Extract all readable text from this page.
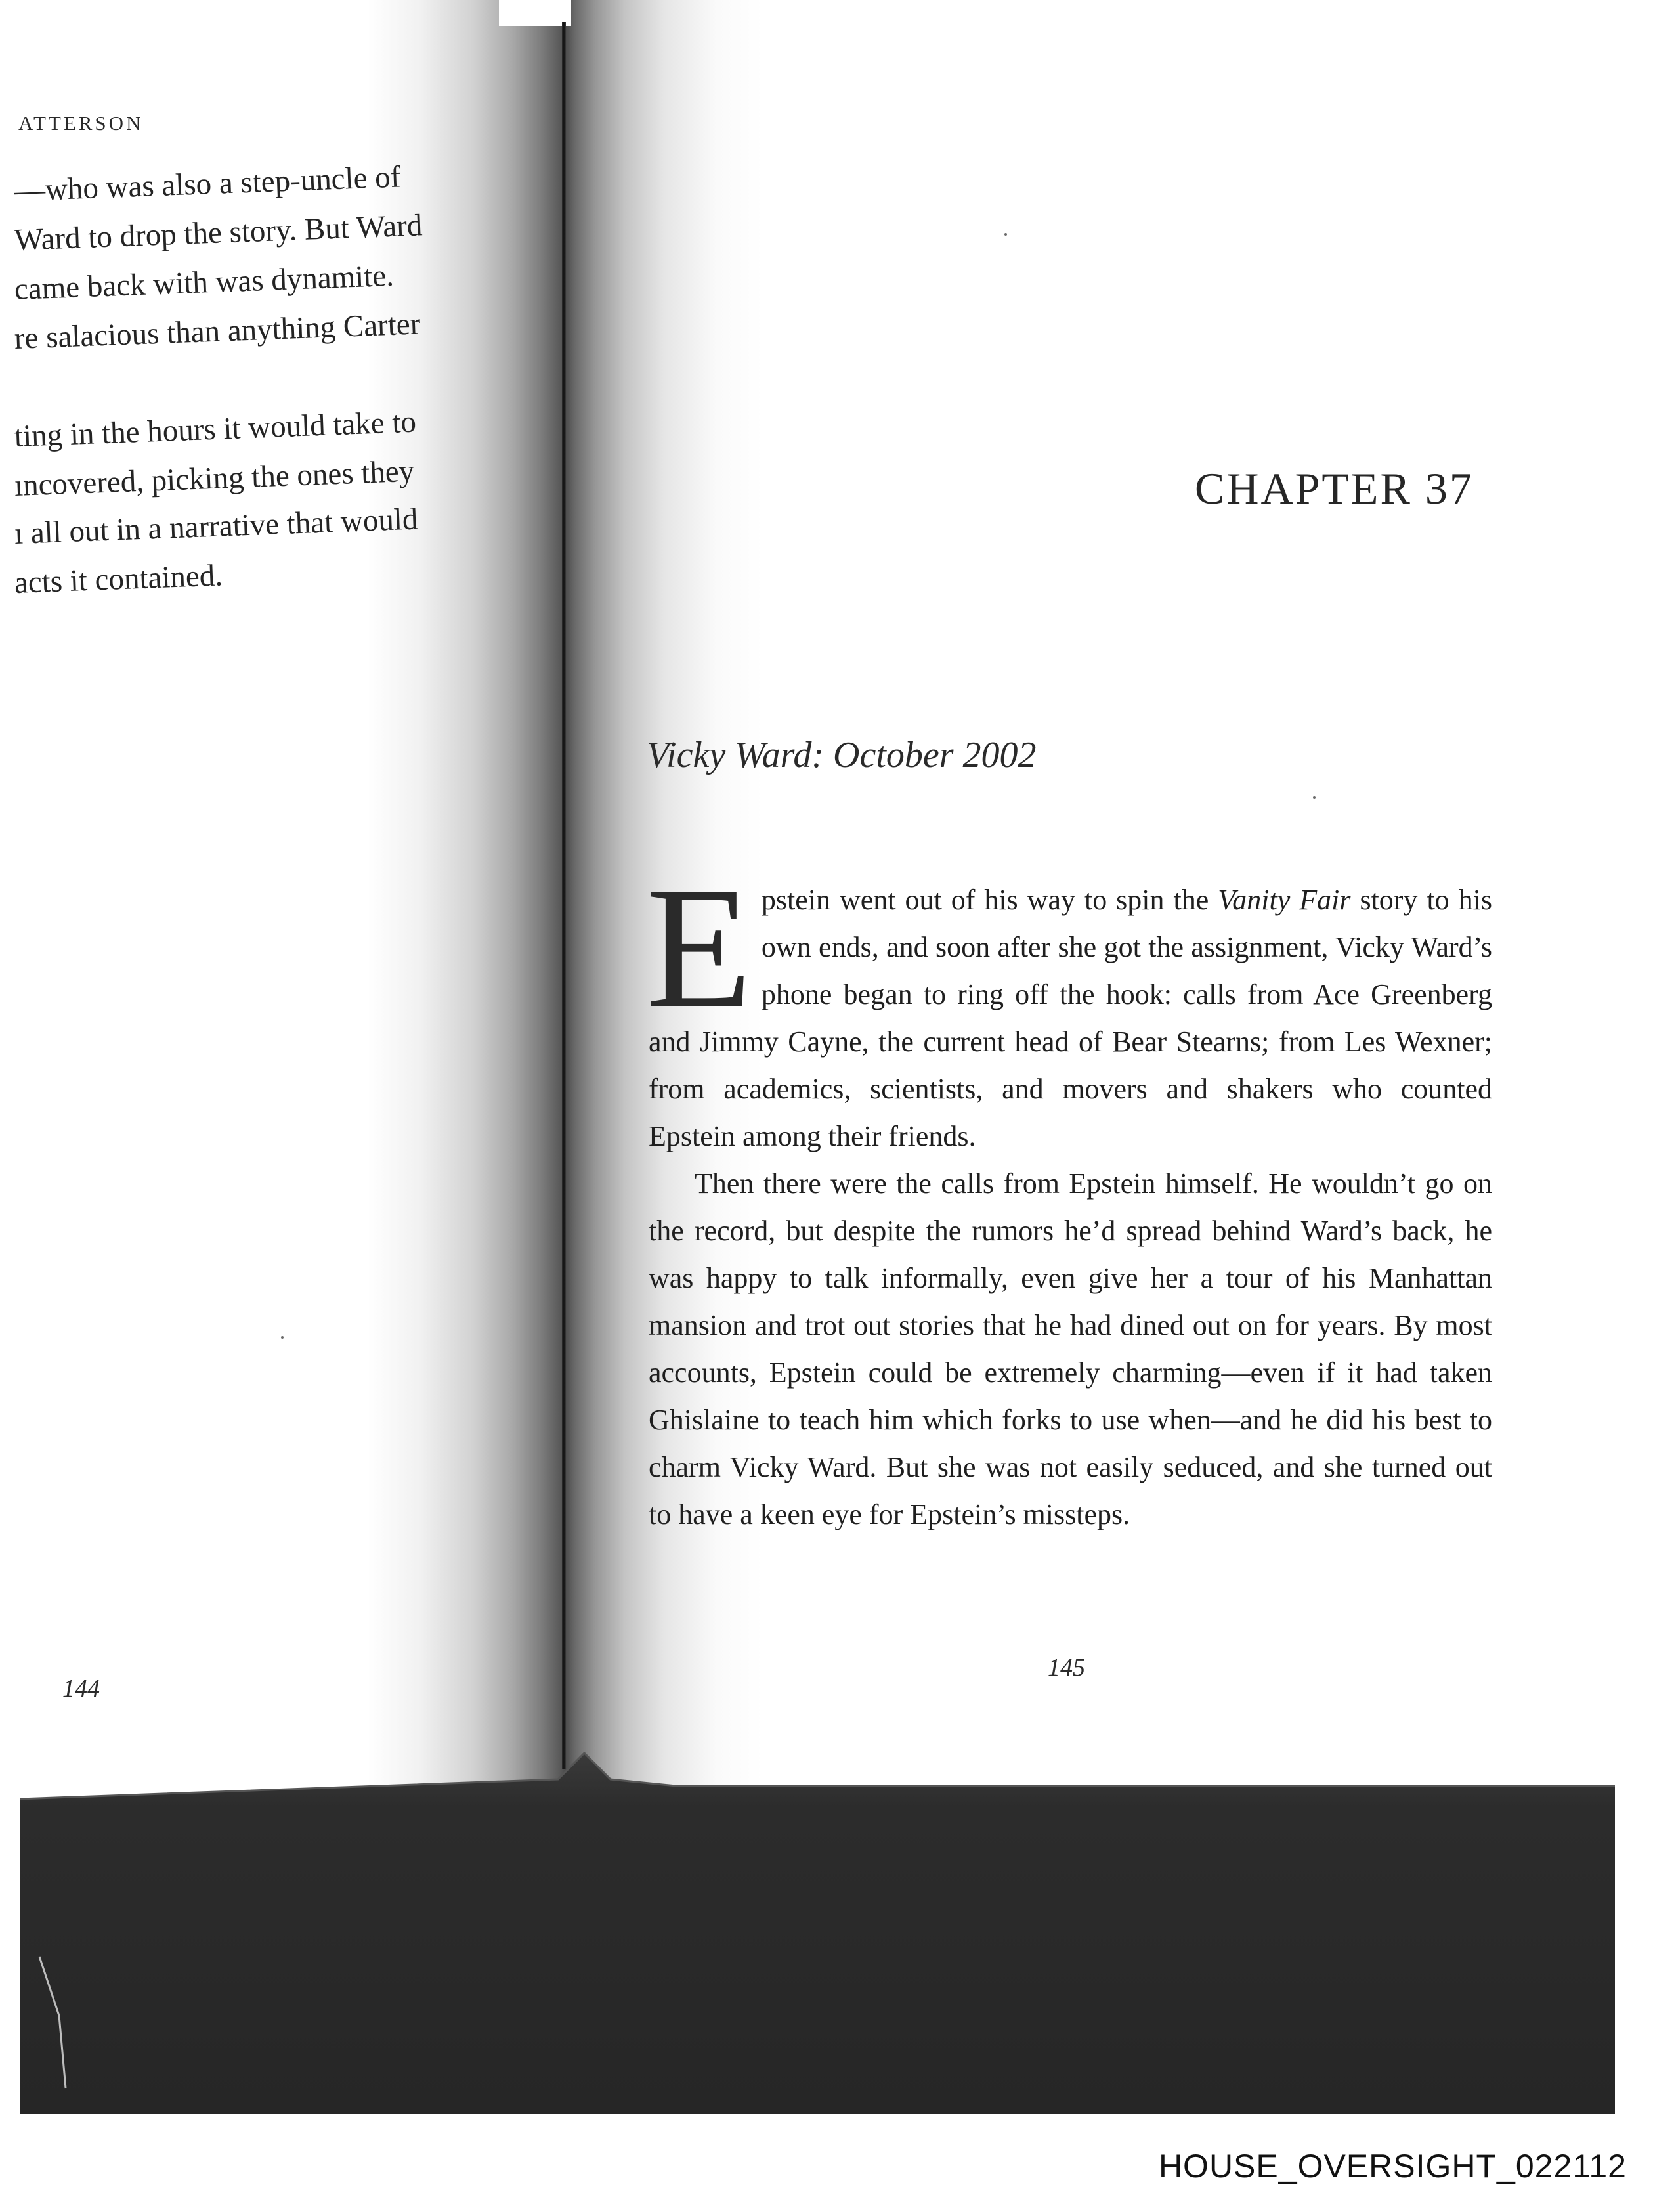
ATTERSON
—who was also a step-uncle of
Ward to drop the story. But Ward
came back with was dynamite.
re salacious than anything Carter
ting in the hours it would take to
ıncovered, picking the ones they
ı all out in a narrative that would
acts it contained.
144
CHAPTER 37
Vicky Ward: October 2002

Epstein went out of his way to spin the Vanity Fair story to his own ends, and soon after she got the assignment, Vicky Ward’s phone began to ring off the hook: calls from Ace Greenberg and Jimmy Cayne, the current head of Bear Stearns; from Les Wexner; from academics, scientists, and movers and shakers who counted Epstein among their friends.

Then there were the calls from Epstein himself. He wouldn’t go on the record, but despite the rumors he’d spread behind Ward’s back, he was happy to talk informally, even give her a tour of his Manhattan mansion and trot out stories that he had dined out on for years. By most accounts, Epstein could be extremely charming—even if it had taken Ghislaine to teach him which forks to use when—and he did his best to charm Vicky Ward. But she was not easily seduced, and she turned out to have a keen eye for Epstein’s missteps.

145
HOUSE_OVERSIGHT_022112
